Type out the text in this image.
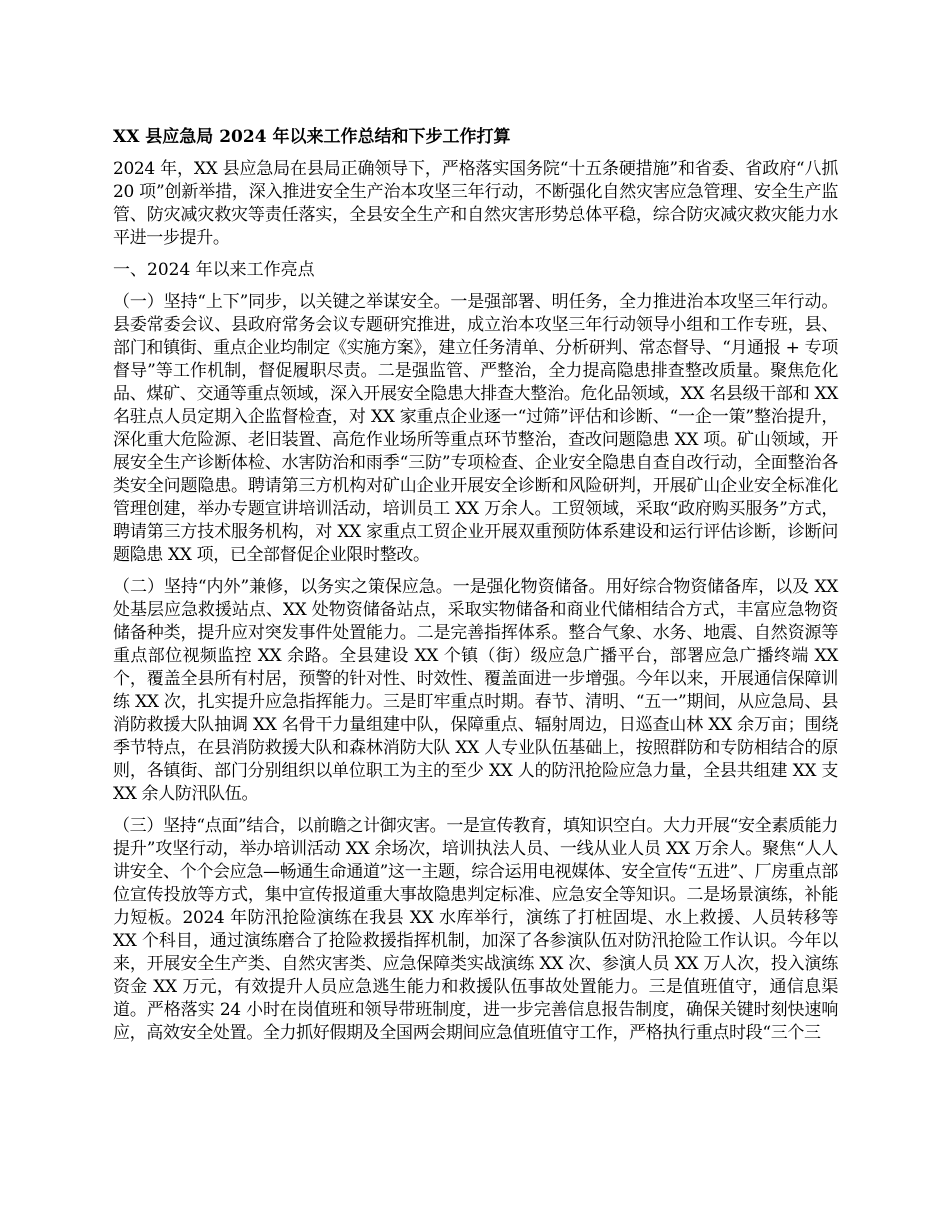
XX 县应急局 2024 年以来工作总结和下步工作打算
2024 年，XX 县应急局在县局正确领导下，严格落实国务院“十五条硬措施”和省委、省政府“八抓 20 项”创新举措，深入推进安全生产治本攻坚三年行动，不断强化自然灾害应急管理、安全生产监管、防灾减灾救灾等责任落实，全县安全生产和自然灾害形势总体平稳，综合防灾减灾救灾能力水平进一步提升。
一、2024 年以来工作亮点
（一）坚持“上下”同步，以关键之举谋安全。一是强部署、明任务，全力推进治本攻坚三年行动。县委常委会议、县政府常务会议专题研究推进，成立治本攻坚三年行动领导小组和工作专班，县、部门和镇街、重点企业均制定《实施方案》，建立任务清单、分析研判、常态督导、“月通报 + 专项督导”等工作机制，督促履职尽责。二是强监管、严整治，全力提高隐患排查整改质量。聚焦危化品、煤矿、交通等重点领域，深入开展安全隐患大排查大整治。危化品领域，XX 名县级干部和 XX 名驻点人员定期入企监督检查，对 XX 家重点企业逐一“过筛”评估和诊断、“一企一策”整治提升，深化重大危险源、老旧装置、高危作业场所等重点环节整治，查改问题隐患 XX 项。矿山领域，开展安全生产诊断体检、水害防治和雨季“三防”专项检查、企业安全隐患自查自改行动，全面整治各类安全问题隐患。聘请第三方机构对矿山企业开展安全诊断和风险研判，开展矿山企业安全标准化管理创建，举办专题宣讲培训活动，培训员工 XX 万余人。工贸领域，采取“政府购买服务”方式，聘请第三方技术服务机构，对 XX 家重点工贸企业开展双重预防体系建设和运行评估诊断，诊断问题隐患 XX 项，已全部督促企业限时整改。
（二）坚持“内外”兼修，以务实之策保应急。一是强化物资储备。用好综合物资储备库，以及 XX 处基层应急救援站点、XX 处物资储备站点，采取实物储备和商业代储相结合方式，丰富应急物资储备种类，提升应对突发事件处置能力。二是完善指挥体系。整合气象、水务、地震、自然资源等重点部位视频监控 XX 余路。全县建设 XX 个镇（街）级应急广播平台，部署应急广播终端 XX 个，覆盖全县所有村居，预警的针对性、时效性、覆盖面进一步增强。今年以来，开展通信保障训练 XX 次，扎实提升应急指挥能力。三是盯牢重点时期。春节、清明、“五一”期间，从应急局、县消防救援大队抽调 XX 名骨干力量组建中队，保障重点、辐射周边，日巡查山林 XX 余万亩；围绕季节特点，在县消防救援大队和森林消防大队 XX 人专业队伍基础上，按照群防和专防相结合的原则，各镇街、部门分别组织以单位职工为主的至少 XX 人的防汛抢险应急力量，全县共组建 XX 支 XX 余人防汛队伍。
（三）坚持“点面”结合，以前瞻之计御灾害。一是宣传教育，填知识空白。大力开展“安全素质能力提升”攻坚行动，举办培训活动 XX 余场次，培训执法人员、一线从业人员 XX 万余人。聚焦“人人讲安全、个个会应急—畅通生命通道”这一主题，综合运用电视媒体、安全宣传“五进”、厂房重点部位宣传投放等方式，集中宣传报道重大事故隐患判定标准、应急安全等知识。二是场景演练，补能力短板。2024 年防汛抢险演练在我县 XX 水库举行，演练了打桩固堤、水上救援、人员转移等 XX 个科目，通过演练磨合了抢险救援指挥机制，加深了各参演队伍对防汛抢险工作认识。今年以来，开展安全生产类、自然灾害类、应急保障类实战演练 XX 次、参演人员 XX 万人次，投入演练资金 XX 万元，有效提升人员应急逃生能力和救援队伍事故处置能力。三是值班值守，通信息渠道。严格落实 24 小时在岗值班和领导带班制度，进一步完善信息报告制度，确保关键时刻快速响应，高效安全处置。全力抓好假期及全国两会期间应急值班值守工作，严格执行重点时段“三个三
